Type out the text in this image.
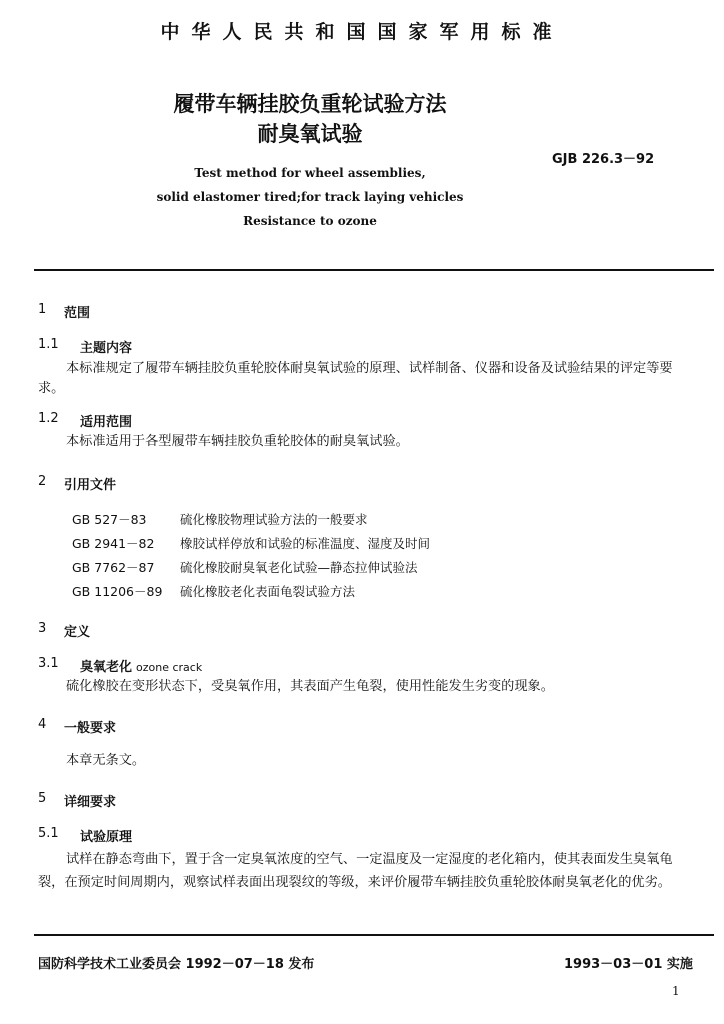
中华人民共和国国家军用标准
履带车辆挂胶负重轮试验方法
耐臭氧试验
GJB 226.3－92
Test method for wheel assemblies,
solid elastomer tired;for track laying vehicles
Resistance to ozone
1 范围
1.1 主题内容
本标准规定了履带车辆挂胶负重轮胶体耐臭氧试验的原理、试样制备、仪器和设备及试验结果的评定等要求。
1.2 适用范围
本标准适用于各型履带车辆挂胶负重轮胶体的耐臭氧试验。
2 引用文件
GB 527－83	硫化橡胶物理试验方法的一般要求
GB 2941－82 橡胶试样停放和试验的标准温度、湿度及时间
GB 7762－87 硫化橡胶耐臭氧老化试验—静态拉伸试验法
GB 11206－89 硫化橡胶老化表面龟裂试验方法
3 定义
3.1 臭氧老化 ozone crack
硫化橡胶在变形状态下，受臭氧作用，其表面产生龟裂，使用性能发生劣变的现象。
4 一般要求
本章无条文。
5 详细要求
5.1 试验原理
试样在静态弯曲下，置于含一定臭氧浓度的空气、一定温度及一定湿度的老化箱内，使其表面发生臭氧龟裂，在预定时间周期内，观察试样表面出现裂纹的等级，来评价履带车辆挂胶负重轮胶体耐臭氧老化的优劣。
国防科学技术工业委员会 1992－07－18 发布	1993－03－01 实施
1
